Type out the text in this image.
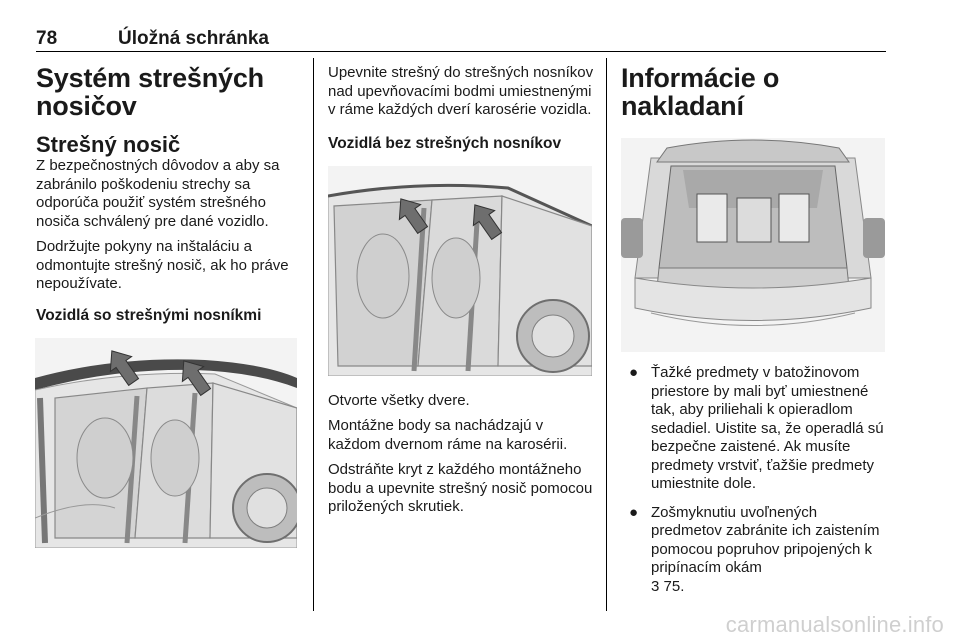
78	Úložná schránka
Systém strešných nosičov
Strešný nosič
Z bezpečnostných dôvodov a aby sa zabránilo poškodeniu strechy sa odporúča použiť systém strešného nosiča schválený pre dané vozidlo.
Dodržujte pokyny na inštaláciu a odmontujte strešný nosič, ak ho práve nepoužívate.
Vozidlá so strešnými nosníkmi
Upevnite strešný do strešných nosníkov nad upevňovacími bodmi umiestnenými v ráme každých dverí karosérie vozidla.
Vozidlá bez strešných nosníkov
Otvorte všetky dvere.
Montážne body sa nachádzajú v každom dvernom ráme na karosérii.
Odstráňte kryt z každého montážneho bodu a upevnite strešný nosič pomocou priložených skrutiek.
Informácie o nakladaní
● Ťažké predmety v batožinovom priestore by mali byť umiestnené tak, aby priliehali k opieradlom sedadiel. Uistite sa, že operadlá sú bezpečne zaistené. Ak musíte predmety vrstviť, ťažšie predmety umiestnite dole.
● Zošmyknutiu uvoľnených predmetov zabránite ich zaistením pomocou popruhov pripojených k pripínacím okám
3 75.
carmanualsonline.info
